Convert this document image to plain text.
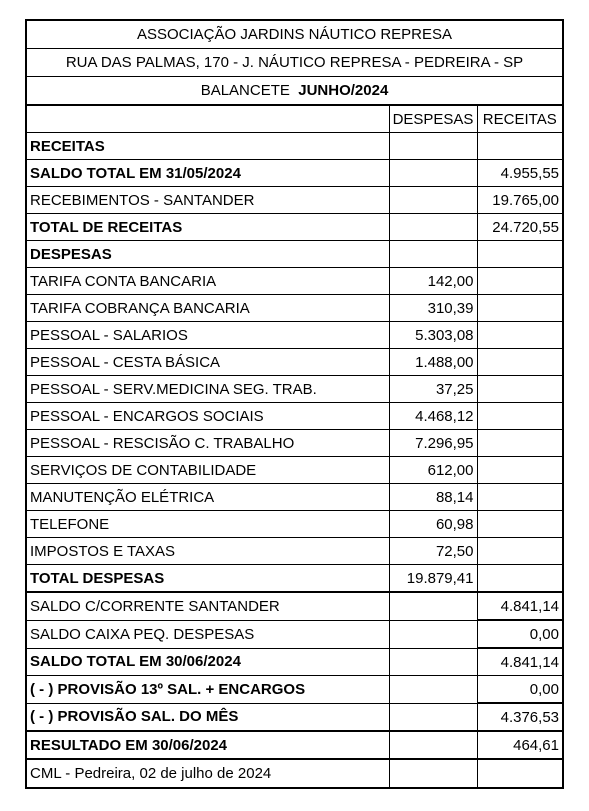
ASSOCIAÇÃO JARDINS NÁUTICO REPRESA
RUA DAS PALMAS, 170 - J. NÁUTICO REPRESA - PEDREIRA - SP
BALANCETE JUNHO/2024
	DESPESAS	RECEITAS
RECEITAS		
SALDO TOTAL EM 31/05/2024		4.955,55
RECEBIMENTOS - SANTANDER		19.765,00
TOTAL DE RECEITAS		24.720,55
DESPESAS		
TARIFA CONTA BANCARIA	142,00	
TARIFA COBRANÇA BANCARIA	310,39	
PESSOAL - SALARIOS	5.303,08	
PESSOAL - CESTA BÁSICA	1.488,00	
PESSOAL - SERV.MEDICINA SEG. TRAB.	37,25	
PESSOAL - ENCARGOS SOCIAIS	4.468,12	
PESSOAL - RESCISÃO C. TRABALHO	7.296,95	
SERVIÇOS DE CONTABILIDADE	612,00	
MANUTENÇÃO ELÉTRICA	88,14	
TELEFONE	60,98	
IMPOSTOS E TAXAS	72,50	
TOTAL DESPESAS	19.879,41	
SALDO C/CORRENTE SANTANDER		4.841,14
SALDO CAIXA PEQ. DESPESAS		0,00
SALDO TOTAL EM 30/06/2024		4.841,14
( - ) PROVISÃO 13º SAL. + ENCARGOS		0,00
( - ) PROVISÃO SAL. DO MÊS		4.376,53
RESULTADO EM 30/06/2024		464,61
CML - Pedreira, 02 de julho de 2024		
